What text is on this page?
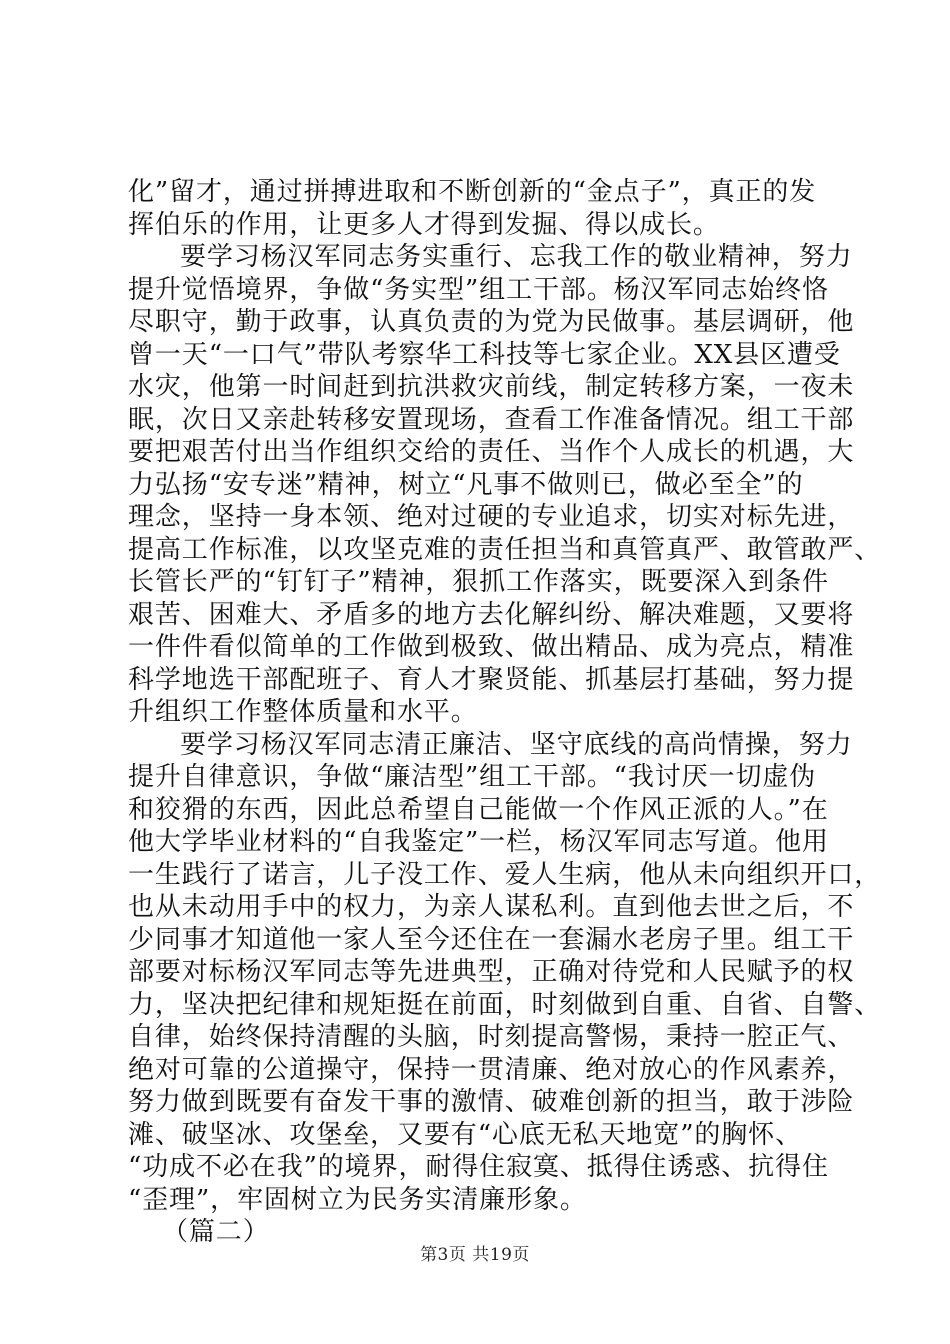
化”留才，通过拼搏进取和不断创新的“金点子”，真正的发
挥伯乐的作用，让更多人才得到发掘、得以成长。
要学习杨汉军同志务实重行、忘我工作的敬业精神，努力
提升觉悟境界，争做“务实型”组工干部。杨汉军同志始终恪
尽职守，勤于政事，认真负责的为党为民做事。基层调研，他
曾一天“一口气”带队考察华工科技等七家企业。XX县区遭受
水灾，他第一时间赶到抗洪救灾前线，制定转移方案，一夜未
眠，次日又亲赴转移安置现场，查看工作准备情况。组工干部
要把艰苦付出当作组织交给的责任、当作个人成长的机遇，大
力弘扬“安专迷”精神，树立“凡事不做则已，做必至全”的
理念，坚持一身本领、绝对过硬的专业追求，切实对标先进，
提高工作标准，以攻坚克难的责任担当和真管真严、敢管敢严、
长管长严的“钉钉子”精神，狠抓工作落实，既要深入到条件
艰苦、困难大、矛盾多的地方去化解纠纷、解决难题，又要将
一件件看似简单的工作做到极致、做出精品、成为亮点，精准
科学地选干部配班子、育人才聚贤能、抓基层打基础，努力提
升组织工作整体质量和水平。
要学习杨汉军同志清正廉洁、坚守底线的高尚情操，努力
提升自律意识，争做“廉洁型”组工干部。“我讨厌一切虚伪
和狡猾的东西，因此总希望自己能做一个作风正派的人。”在
他大学毕业材料的“自我鉴定”一栏，杨汉军同志写道。他用
一生践行了诺言，儿子没工作、爱人生病，他从未向组织开口，
也从未动用手中的权力，为亲人谋私利。直到他去世之后，不
少同事才知道他一家人至今还住在一套漏水老房子里。组工干
部要对标杨汉军同志等先进典型，正确对待党和人民赋予的权
力，坚决把纪律和规矩挺在前面，时刻做到自重、自省、自警、
自律，始终保持清醒的头脑，时刻提高警惕，秉持一腔正气、
绝对可靠的公道操守，保持一贯清廉、绝对放心的作风素养，
努力做到既要有奋发干事的激情、破难创新的担当，敢于涉险
滩、破坚冰、攻堡垒，又要有“心底无私天地宽”的胸怀、
“功成不必在我”的境界，耐得住寂寞、抵得住诱惑、抗得住
“歪理”，牢固树立为民务实清廉形象。
（篇二）
第3页 共19页
